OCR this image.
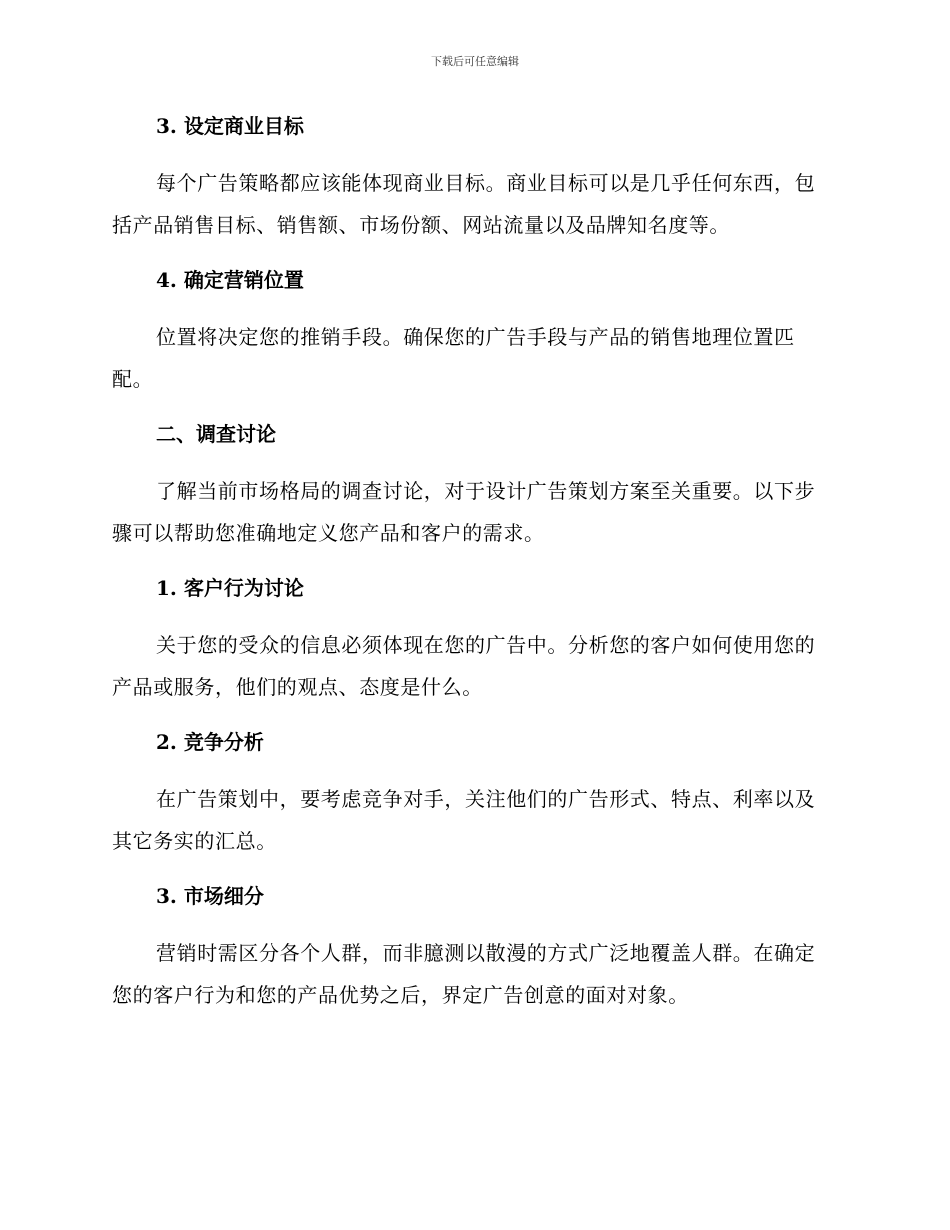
下载后可任意编辑
3. 设定商业目标

每个广告策略都应该能体现商业目标。商业目标可以是几乎任何东西，包括产品销售目标、销售额、市场份额、网站流量以及品牌知名度等。

4. 确定营销位置

位置将决定您的推销手段。确保您的广告手段与产品的销售地理位置匹配。

二、调查讨论

了解当前市场格局的调查讨论，对于设计广告策划方案至关重要。以下步骤可以帮助您准确地定义您产品和客户的需求。

1. 客户行为讨论

关于您的受众的信息必须体现在您的广告中。分析您的客户如何使用您的产品或服务，他们的观点、态度是什么。

2. 竞争分析

在广告策划中，要考虑竞争对手，关注他们的广告形式、特点、利率以及其它务实的汇总。

3. 市场细分

营销时需区分各个人群，而非臆测以散漫的方式广泛地覆盖人群。在确定您的客户行为和您的产品优势之后，界定广告创意的面对对象。
